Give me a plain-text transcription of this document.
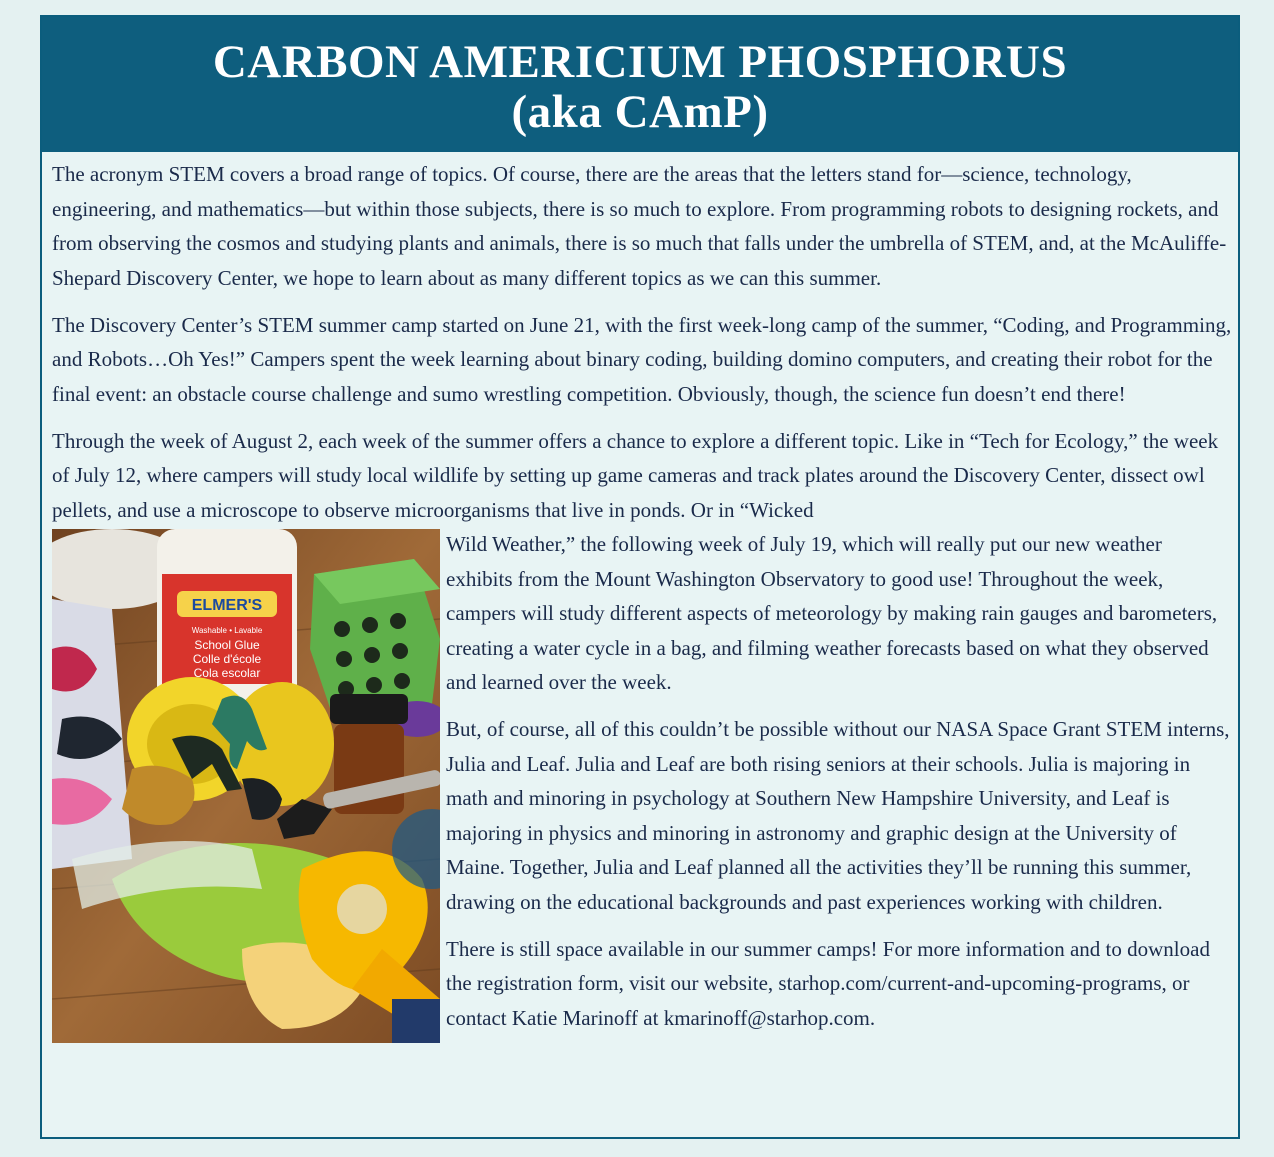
CARBON AMERICIUM PHOSPHORUS
(aka CAmP)

The acronym STEM covers a broad range of topics. Of course, there are the areas that the letters stand for—science, technology, engineering, and mathematics—but within those subjects, there is so much to explore. From programming robots to designing rockets, and from observing the cosmos and studying plants and animals, there is so much that falls under the umbrella of STEM, and, at the McAuliffe-Shepard Discovery Center, we hope to learn about as many different topics as we can this summer.

The Discovery Center’s STEM summer camp started on June 21, with the first week-long camp of the summer, “Coding, and Programming, and Robots…Oh Yes!” Campers spent the week learning about binary coding, building domino computers, and creating their robot for the final event: an obstacle course challenge and sumo wrestling competition. Obviously, though, the science fun doesn’t end there!

Through the week of August 2, each week of the summer offers a chance to explore a different topic. Like in “Tech for Ecology,” the week of July 12, where campers will study local wildlife by setting up game cameras and track plates around the Discovery Center, dissect owl pellets, and use a microscope to observe microorganisms that live in ponds. Or in “Wicked

ELMER'S
Washable • Lavable
School Glue
Colle d'école
Cola escolar

Wild Weather,” the following week of July 19, which will really put our new weather exhibits from the Mount Washington Observatory to good use! Throughout the week, campers will study different aspects of meteorology by making rain gauges and barometers, creating a water cycle in a bag, and filming weather forecasts based on what they observed and learned over the week.

But, of course, all of this couldn’t be possible without our NASA Space Grant STEM interns, Julia and Leaf. Julia and Leaf are both rising seniors at their schools. Julia is majoring in math and minoring in psychology at Southern New Hampshire University, and Leaf is majoring in physics and minoring in astronomy and graphic design at the University of Maine. Together, Julia and Leaf planned all the activities they’ll be running this summer, drawing on the educational backgrounds and past experiences working with children.

There is still space available in our summer camps! For more information and to download the registration form, visit our website, starhop.com/current-and-upcoming-programs, or contact Katie Marinoff at kmarinoff@starhop.com.
